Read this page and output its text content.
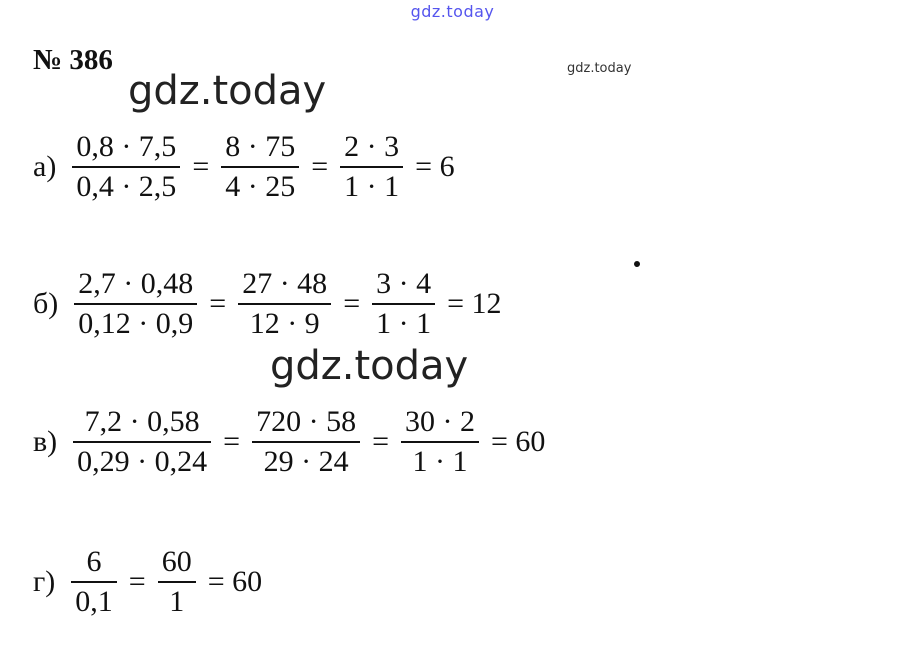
gdz.today
gdz.today
№ 386
gdz.today
$а) \frac{0,8 \cdot 7,5}{0,4 \cdot 2,5} = \frac{8 \cdot 75}{4 \cdot 25} = \frac{2 \cdot 3}{1 \cdot 1} = 6$
$б) \frac{2,7 \cdot 0,48}{0,12 \cdot 0,9} = \frac{27 \cdot 48}{12 \cdot 9} = \frac{3 \cdot 4}{1 \cdot 1} = 12$
gdz.today
$в) \frac{7,2 \cdot 0,58}{0,29 \cdot 0,24} = \frac{720 \cdot 58}{29 \cdot 24} = \frac{30 \cdot 2}{1 \cdot 1} = 60$
$г) \frac{6}{0,1} = \frac{60}{1} = 60$
